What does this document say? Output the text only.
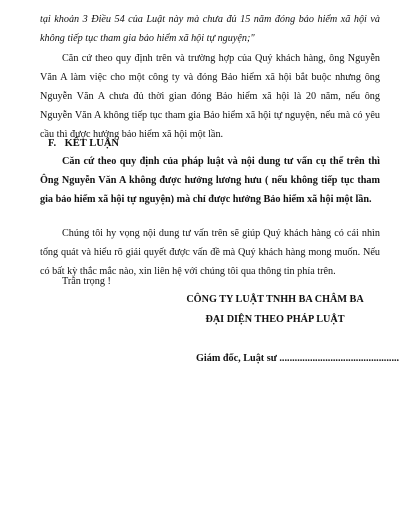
tại khoản 3 Điều 54 của Luật này mà chưa đủ 15 năm đóng bảo hiểm xã hội và không tiếp tục tham gia bảo hiểm xã hội tự nguyện;"

Căn cứ theo quy định trên và trường hợp của Quý khách hàng, ông Nguyễn Văn A làm việc cho một công ty và đóng Bảo hiểm xã hội bắt buộc nhưng ông Nguyễn Văn A chưa đủ thời gian đóng Bảo hiểm xã hội là 20 năm, nếu ông Nguyễn Văn A không tiếp tục tham gia Bảo hiểm xã hội tự nguyện, nếu mà có yêu cầu thì được hưởng bảo hiểm xã hội một lần.

F. KẾT LUẬN

Căn cứ theo quy định của pháp luật và nội dung tư vấn cụ thể trên thì Ông Nguyễn Văn A không được hưởng lương hưu ( nếu không tiếp tục tham gia bảo hiểm xã hội tự nguyện) mà chỉ được hưởng Bảo hiểm xã hội một lần.

Chúng tôi hy vọng nội dung tư vấn trên sẽ giúp Quý khách hàng có cái nhìn tổng quát và hiểu rõ giải quyết được vấn đề mà Quý khách hàng mong muốn. Nếu có bất kỳ thắc mắc nào, xin liên hệ với chúng tôi qua thông tin phía trên.

Trân trọng !

CÔNG TY LUẬT TNHH BA CHÂM BA
ĐẠI DIỆN THEO PHÁP LUẬT
Giám đốc, Luật sư ...............................................
